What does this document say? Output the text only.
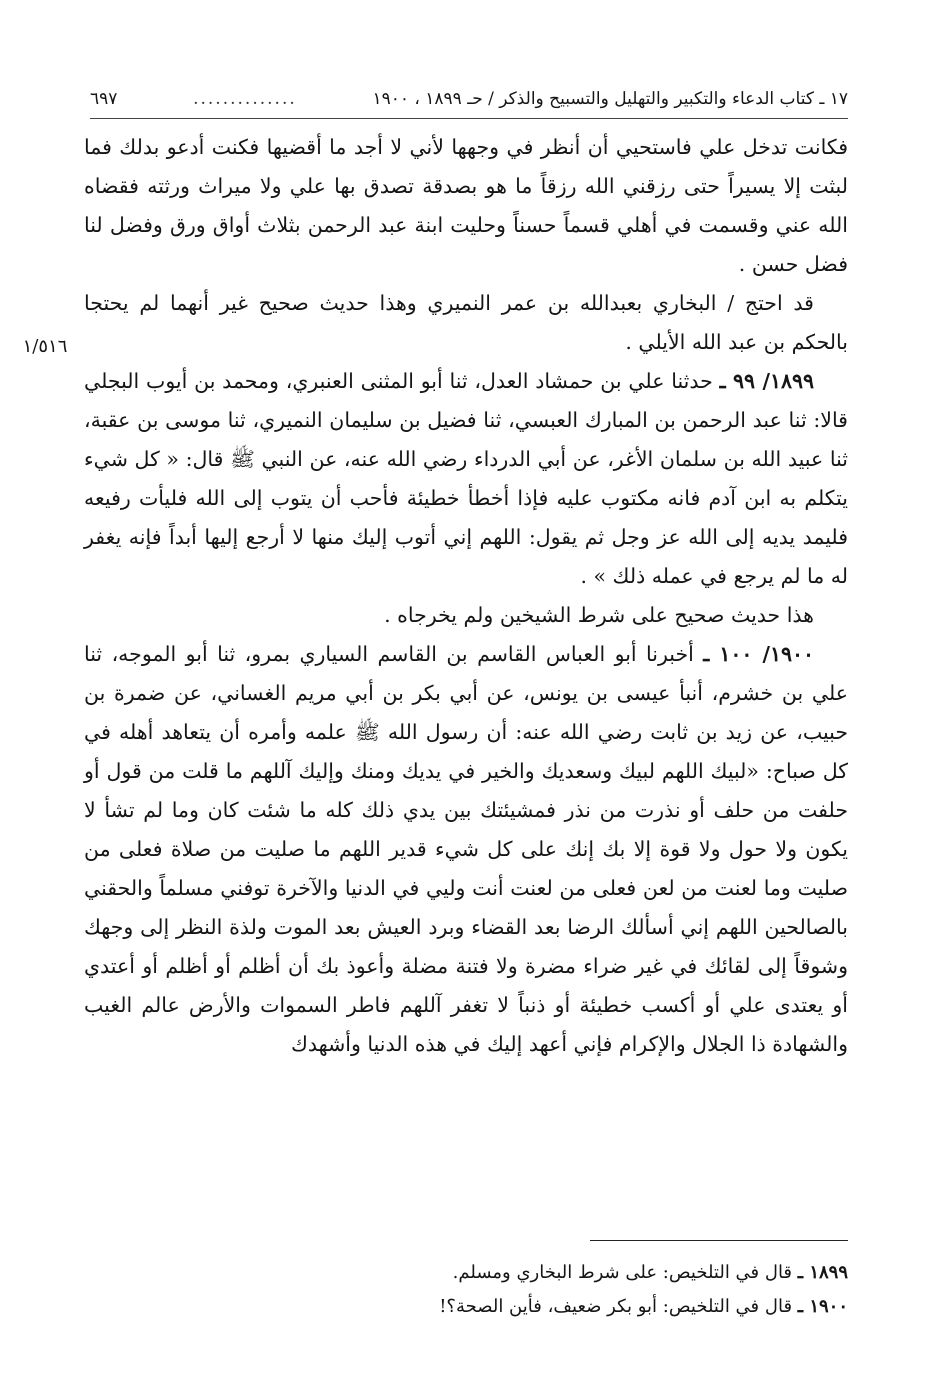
١٧ ـ كتاب الدعاء والتكبير والتهليل والتسبيح والذكر / حـ ١٨٩٩ ، ١٩٠٠
..............
٦٩٧
١/٥١٦

فكانت تدخل علي فاستحيي أن أنظر في وجهها لأني لا أجد ما أقضيها فكنت أدعو بدلك فما لبثت إلا يسيراً حتى رزقني الله رزقاً ما هو بصدقة تصدق بها علي ولا ميراث ورثته فقضاه الله عني وقسمت في أهلي قسماً حسناً وحليت ابنة عبد الرحمن بثلاث أواق ورق وفضل لنا فضل حسن .

قد احتج / البخاري بعبدالله بن عمر النميري وهذا حديث صحيح غير أنهما لم يحتجا بالحكم بن عبد الله الأيلي .

١٨٩٩/ ٩٩ ـ حدثنا علي بن حمشاد العدل، ثنا أبو المثنى العنبري، ومحمد بن أيوب البجلي قالا: ثنا عبد الرحمن بن المبارك العبسي، ثنا فضيل بن سليمان النميري، ثنا موسى بن عقبة، ثنا عبيد الله بن سلمان الأغر، عن أبي الدرداء رضي الله عنه، عن النبي ﷺ قال: « كل شيء يتكلم به ابن آدم فانه مكتوب عليه فإذا أخطأ خطيئة فأحب أن يتوب إلى الله فليأت رفيعه فليمد يديه إلى الله عز وجل ثم يقول: اللهم إني أتوب إليك منها لا أرجع إليها أبداً فإنه يغفر له ما لم يرجع في عمله ذلك » .

هذا حديث صحيح على شرط الشيخين ولم يخرجاه .

١٩٠٠/ ١٠٠ ـ أخبرنا أبو العباس القاسم بن القاسم السياري بمرو، ثنا أبو الموجه، ثنا علي بن خشرم، أنبأ عيسى بن يونس، عن أبي بكر بن أبي مريم الغساني، عن ضمرة بن حبيب، عن زيد بن ثابت رضي الله عنه: أن رسول الله ﷺ علمه وأمره أن يتعاهد أهله في كل صباح: «لبيك اللهم لبيك وسعديك والخير في يديك ومنك وإليك آللهم ما قلت من قول أو حلفت من حلف أو نذرت من نذر فمشيئتك بين يدي ذلك كله ما شئت كان وما لم تشأ لا يكون ولا حول ولا قوة إلا بك إنك على كل شيء قدير اللهم ما صليت من صلاة فعلى من صليت وما لعنت من لعن فعلى من لعنت أنت وليي في الدنيا والآخرة توفني مسلماً والحقني بالصالحين اللهم إني أسألك الرضا بعد القضاء وبرد العيش بعد الموت ولذة النظر إلى وجهك وشوقاً إلى لقائك في غير ضراء مضرة ولا فتنة مضلة وأعوذ بك أن أظلم أو أظلم أو أعتدي أو يعتدى علي أو أكسب خطيئة أو ذنباً لا تغفر آللهم فاطر السموات والأرض عالم الغيب والشهادة ذا الجلال والإكرام فإني أعهد إليك في هذه الدنيا وأشهدك

١٨٩٩ ـ قال في التلخيص: على شرط البخاري ومسلم.

١٩٠٠ ـ قال في التلخيص: أبو بكر ضعيف، فأين الصحة؟!
